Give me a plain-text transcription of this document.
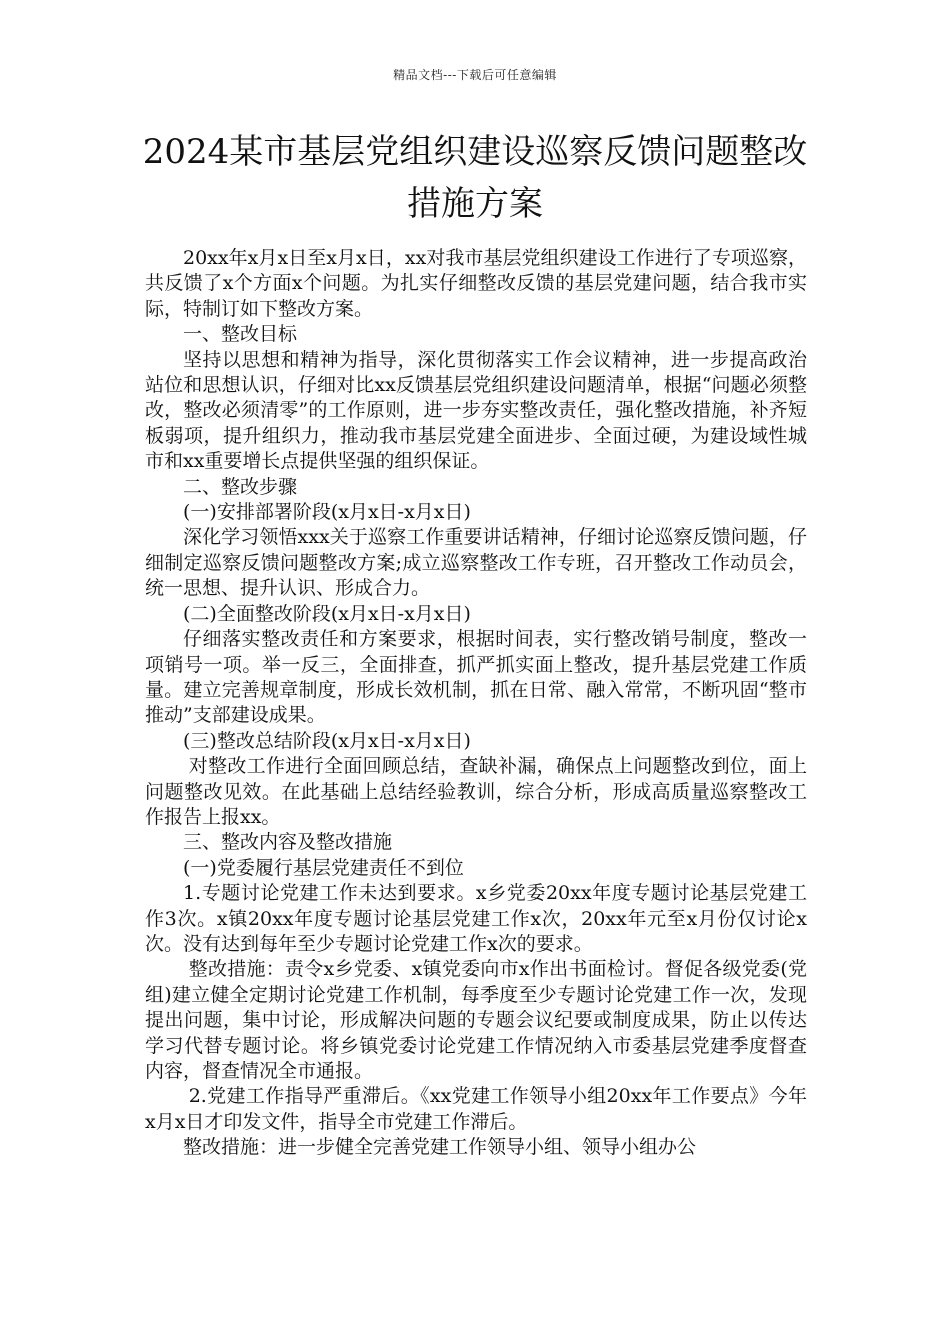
精品文档---下载后可任意编辑
2024某市基层党组织建设巡察反馈问题整改措施方案

20xx年x月x日至x月x日，xx对我市基层党组织建设工作进行了专项巡察，共反馈了x个方面x个问题。为扎实仔细整改反馈的基层党建问题，结合我市实际，特制订如下整改方案。

一、整改目标

坚持以思想和精神为指导，深化贯彻落实工作会议精神，进一步提高政治站位和思想认识，仔细对比xx反馈基层党组织建设问题清单，根据“问题必须整改，整改必须清零”的工作原则，进一步夯实整改责任，强化整改措施，补齐短板弱项，提升组织力，推动我市基层党建全面进步、全面过硬，为建设域性城市和xx重要增长点提供坚强的组织保证。

二、整改步骤

(一)安排部署阶段(x月x日-x月x日)

深化学习领悟xxx关于巡察工作重要讲话精神，仔细讨论巡察反馈问题，仔细制定巡察反馈问题整改方案;成立巡察整改工作专班，召开整改工作动员会，统一思想、提升认识、形成合力。

(二)全面整改阶段(x月x日-x月x日)

仔细落实整改责任和方案要求，根据时间表，实行整改销号制度，整改一项销号一项。举一反三，全面排查，抓严抓实面上整改，提升基层党建工作质量。建立完善规章制度，形成长效机制，抓在日常、融入常常，不断巩固“整市推动”支部建设成果。

(三)整改总结阶段(x月x日-x月x日)

对整改工作进行全面回顾总结，查缺补漏，确保点上问题整改到位，面上问题整改见效。在此基础上总结经验教训，综合分析，形成高质量巡察整改工作报告上报xx。

三、整改内容及整改措施

(一)党委履行基层党建责任不到位

1.专题讨论党建工作未达到要求。x乡党委20xx年度专题讨论基层党建工作3次。x镇20xx年度专题讨论基层党建工作x次，20xx年元至x月份仅讨论x次。没有达到每年至少专题讨论党建工作x次的要求。

整改措施：责令x乡党委、x镇党委向市x作出书面检讨。督促各级党委(党组)建立健全定期讨论党建工作机制，每季度至少专题讨论党建工作一次，发现提出问题，集中讨论，形成解决问题的专题会议纪要或制度成果，防止以传达学习代替专题讨论。将乡镇党委讨论党建工作情况纳入市委基层党建季度督查内容，督查情况全市通报。

2.党建工作指导严重滞后。《xx党建工作领导小组20xx年工作要点》今年x月x日才印发文件，指导全市党建工作滞后。

整改措施：进一步健全完善党建工作领导小组、领导小组办公
